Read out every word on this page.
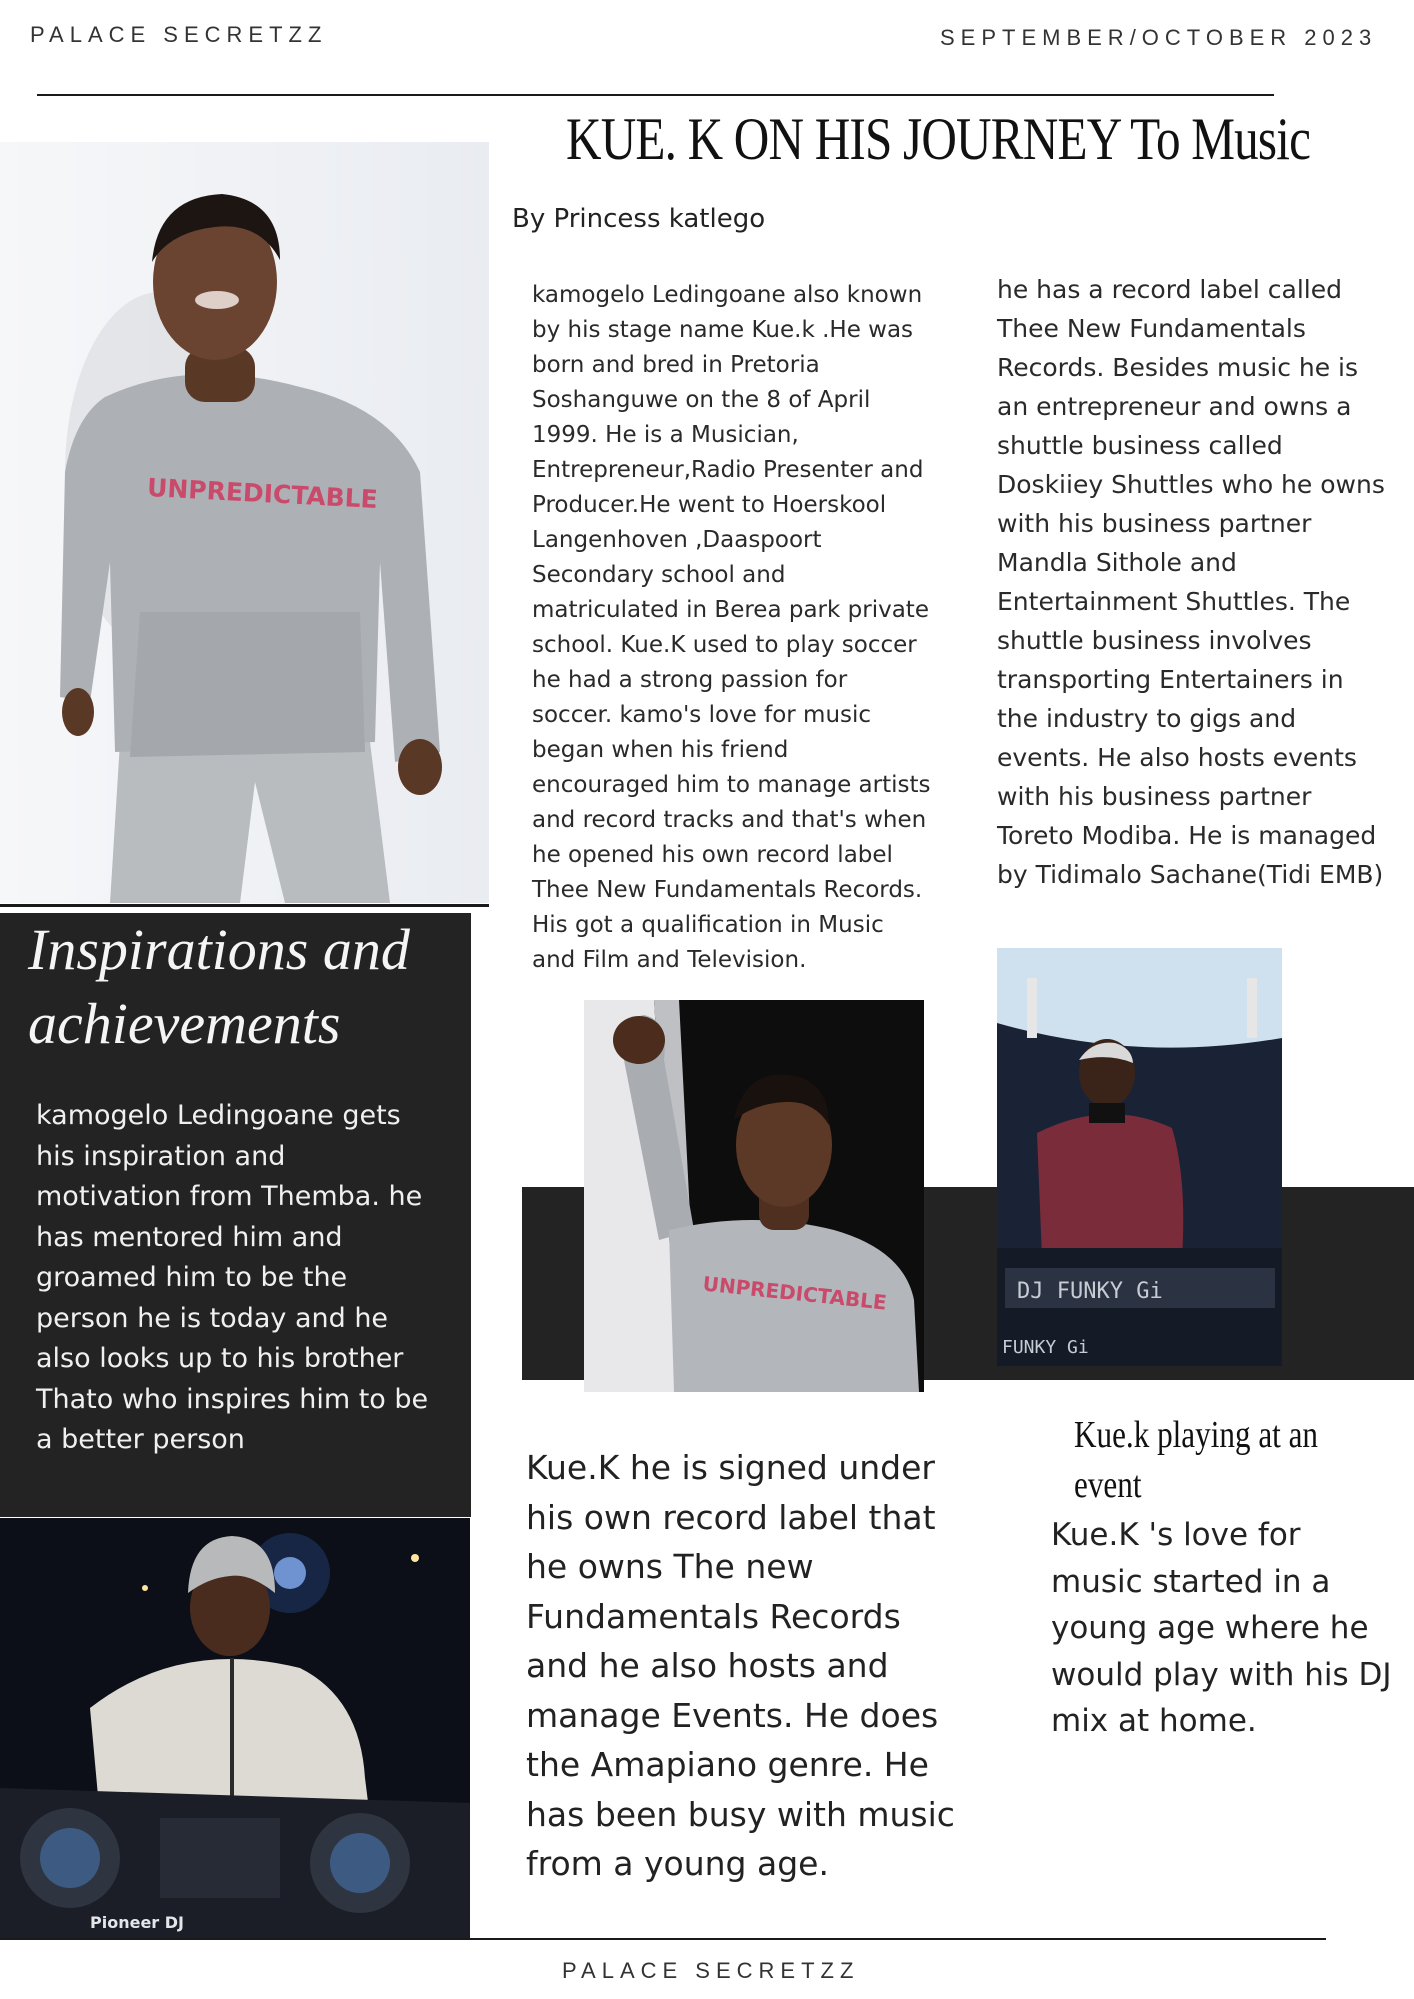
PALACE SECRETZZ	SEPTEMBER/OCTOBER 2023
UNPREDICTABLE
KUE. K ON HIS JOURNEY To Music
By Princess katlego

kamogelo Ledingoane also known by his stage name Kue.k .He was born and bred in Pretoria Soshanguwe on the 8 of April 1999. He is a Musician, Entrepreneur,Radio Presenter and Producer.He went to Hoerskool Langenhoven ,Daaspoort Secondary school and matriculated in Berea park private school. Kue.K used to play soccer he had a strong passion for soccer. kamo's love for music began when his friend encouraged him to manage artists and record tracks and that's when he opened his own record label Thee New Fundamentals Records. His got a qualification in Music and Film and Television.

he has a record label called Thee New Fundamentals Records. Besides music he is an entrepreneur and owns a shuttle business called Doskiiey Shuttles who he owns with his business partner Mandla Sithole and Entertainment Shuttles. The shuttle business involves transporting Entertainers in the industry to gigs and events. He also hosts events with his business partner Toreto Modiba. He is managed by Tidimalo Sachane(Tidi EMB)

Inspirations and achievements
kamogelo Ledingoane gets his inspiration and motivation from Themba. he has mentored him and groamed him to be the person he is today and he also looks up to his brother Thato who inspires him to be a better person
UNPREDICTABLE	DJ FUNKY Gi
FUNKY Gi
Pioneer DJ
Kue.K he is signed under his own record label that he owns The new Fundamentals Records and he also hosts and manage Events. He does the Amapiano genre. He has been busy with music from a young age.
Kue.k playing at an event
Kue.K 's love for music started in a young age where he would play with his DJ mix at home.
PALACE SECRETZZ
